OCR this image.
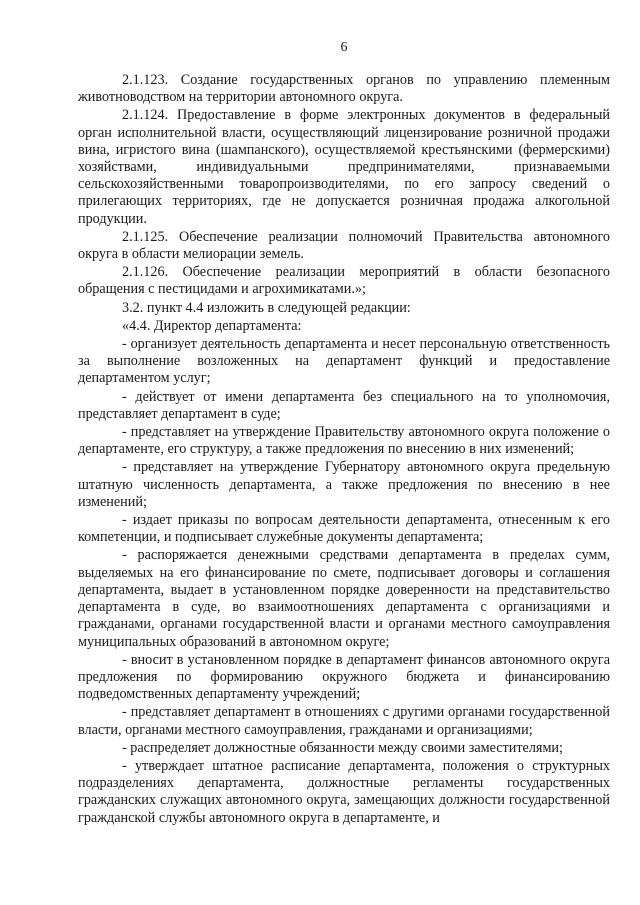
6

2.1.123. Создание государственных органов по управлению племенным животноводством на территории автономного округа.

2.1.124. Предоставление в форме электронных документов в федеральный орган исполнительной власти, осуществляющий лицензирование розничной продажи вина, игристого вина (шампанского), осуществляемой крестьянскими (фермерскими) хозяйствами, индивидуальными предпринимателями, признаваемыми сельскохозяйственными товаропроизводителями, по его запросу сведений о прилегающих территориях, где не допускается розничная продажа алкогольной продукции.

2.1.125. Обеспечение реализации полномочий Правительства автономного округа в области мелиорации земель.

2.1.126. Обеспечение реализации мероприятий в области безопасного обращения с пестицидами и агрохимикатами.»;

3.2. пункт 4.4 изложить в следующей редакции:

«4.4. Директор департамента:

- организует деятельность департамента и несет персональную ответственность за выполнение возложенных на департамент функций и предоставление департаментом услуг;

- действует от имени департамента без специального на то уполномочия, представляет департамент в суде;

- представляет на утверждение Правительству автономного округа положение о департаменте, его структуру, а также предложения по внесению в них изменений;

- представляет на утверждение Губернатору автономного округа предельную штатную численность департамента, а также предложения по внесению в нее изменений;

- издает приказы по вопросам деятельности департамента, отнесенным к его компетенции, и подписывает служебные документы департамента;

- распоряжается денежными средствами департамента в пределах сумм, выделяемых на его финансирование по смете, подписывает договоры и соглашения департамента, выдает в установленном порядке доверенности на представительство департамента в суде, во взаимоотношениях департамента с организациями и гражданами, органами государственной власти и органами местного самоуправления муниципальных образований в автономном округе;

- вносит в установленном порядке в департамент финансов автономного округа предложения по формированию окружного бюджета и финансированию подведомственных департаменту учреждений;

- представляет департамент в отношениях с другими органами государственной власти, органами местного самоуправления, гражданами и организациями;

- распределяет должностные обязанности между своими заместителями;

- утверждает штатное расписание департамента, положения о структурных подразделениях департамента, должностные регламенты государственных гражданских служащих автономного округа, замещающих должности государственной гражданской службы автономного округа в департаменте, и
